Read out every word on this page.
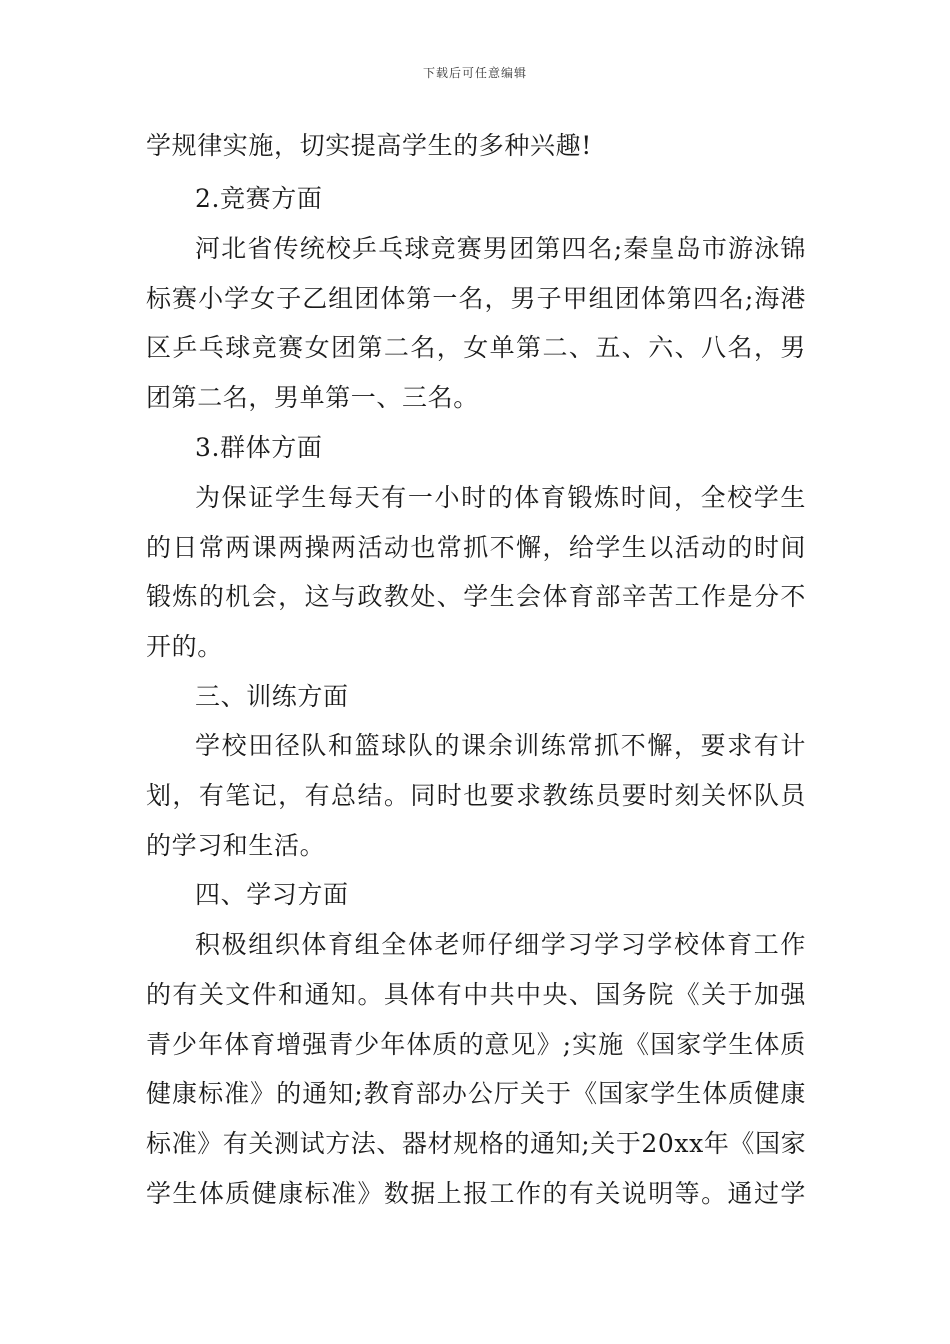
下载后可任意编辑
学规律实施，切实提高学生的多种兴趣!
2.竞赛方面
河北省传统校乒乓球竞赛男团第四名;秦皇岛市游泳锦
标赛小学女子乙组团体第一名，男子甲组团体第四名;海港
区乒乓球竞赛女团第二名，女单第二、五、六、八名，男
团第二名，男单第一、三名。
3.群体方面
为保证学生每天有一小时的体育锻炼时间，全校学生
的日常两课两操两活动也常抓不懈，给学生以活动的时间
锻炼的机会，这与政教处、学生会体育部辛苦工作是分不
开的。
三、训练方面
学校田径队和篮球队的课余训练常抓不懈，要求有计
划，有笔记，有总结。同时也要求教练员要时刻关怀队员
的学习和生活。
四、学习方面
积极组织体育组全体老师仔细学习学习学校体育工作
的有关文件和通知。具体有中共中央、国务院《关于加强
青少年体育增强青少年体质的意见》;实施《国家学生体质
健康标准》的通知;教育部办公厅关于《国家学生体质健康
标准》有关测试方法、器材规格的通知;关于20xx年《国家
学生体质健康标准》数据上报工作的有关说明等。通过学
